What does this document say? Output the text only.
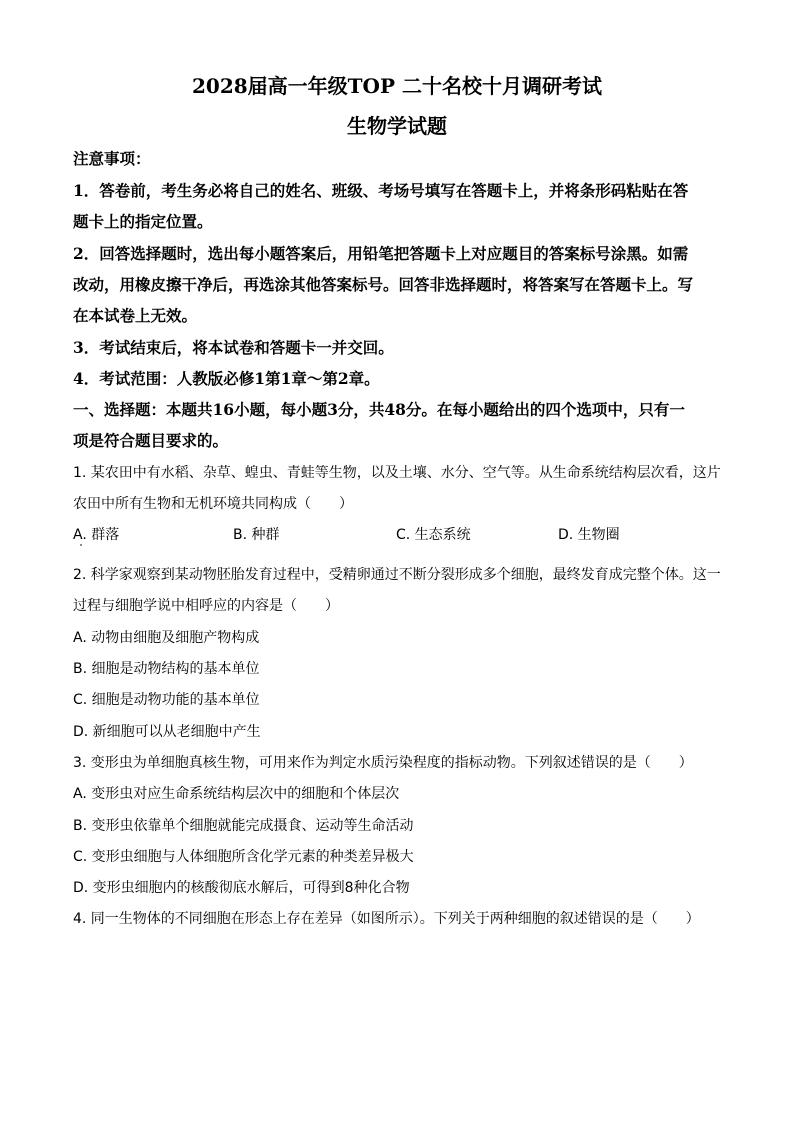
2028届高一年级TOP 二十名校十月调研考试
生物学试题
注意事项：
1．答卷前，考生务必将自己的姓名、班级、考场号填写在答题卡上，并将条形码粘贴在答
题卡上的指定位置。
2．回答选择题时，选出每小题答案后，用铅笔把答题卡上对应题目的答案标号涂黑。如需
改动，用橡皮擦干净后，再选涂其他答案标号。回答非选择题时，将答案写在答题卡上。写
在本试卷上无效。
3．考试结束后，将本试卷和答题卡一并交回。
4．考试范围：人教版必修1第1章～第2章。
一、选择题：本题共16小题，每小题3分，共48分。在每小题给出的四个选项中，只有一
项是符合题目要求的。
1. 某农田中有水稻、杂草、蝗虫、青蛙等生物，以及土壤、水分、空气等。从生命系统结构层次看，这片
农田中所有生物和无机环境共同构成（　　）
A. 群落	B. 种群	C. 生态系统	D. 生物圈
2. 科学家观察到某动物胚胎发育过程中，受精卵通过不断分裂形成多个细胞，最终发育成完整个体。这一
过程与细胞学说中相呼应的内容是（　　）
A. 动物由细胞及细胞产物构成
B. 细胞是动物结构的基本单位
C. 细胞是动物功能的基本单位
D. 新细胞可以从老细胞中产生
3. 变形虫为单细胞真核生物，可用来作为判定水质污染程度的指标动物。下列叙述错误的是（　　）
A. 变形虫对应生命系统结构层次中的细胞和个体层次
B. 变形虫依靠单个细胞就能完成摄食、运动等生命活动
C. 变形虫细胞与人体细胞所含化学元素的种类差异极大
D. 变形虫细胞内的核酸彻底水解后，可得到8种化合物
4. 同一生物体的不同细胞在形态上存在差异（如图所示）。下列关于两种细胞的叙述错误的是（　　）
